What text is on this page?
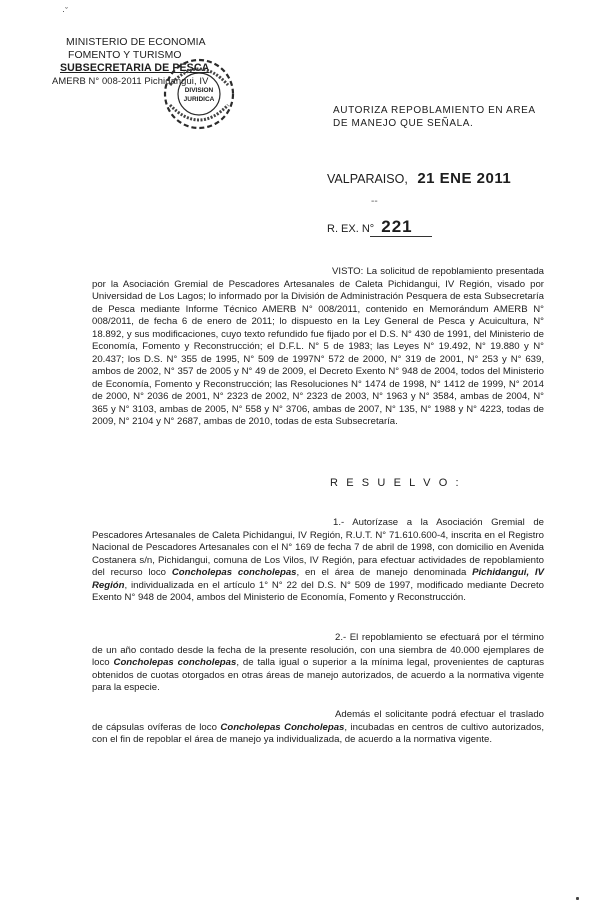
·ˇ
MINISTERIO DE ECONOMIA
FOMENTO Y TURISMO
SUBSECRETARIA DE PESCA
AMERB N° 008-2011 Pichidangui, IV
DIVISION
JURIDICA
AUTORIZA REPOBLAMIENTO EN AREA
DE MANEJO QUE SEÑALA.
VALPARAISO, 21 ENE 2011
--
R. EX. N° 221
VISTO: La solicitud de repoblamiento presentada por la Asociación Gremial de Pescadores Artesanales de Caleta Pichidangui, IV Región, visado por Universidad de Los Lagos; lo informado por la División de Administración Pesquera de esta Subsecretaría de Pesca mediante Informe Técnico AMERB N° 008/2011, contenido en Memorándum AMERB N° 008/2011, de fecha 6 de enero de 2011; lo dispuesto en la Ley General de Pesca y Acuicultura, N° 18.892, y sus modificaciones, cuyo texto refundido fue fijado por el D.S. N° 430 de 1991, del Ministerio de Economía, Fomento y Reconstrucción; el D.F.L. N° 5 de 1983; las Leyes N° 19.492, N° 19.880 y N° 20.437; los D.S. N° 355 de 1995, N° 509 de 1997N° 572 de 2000, N° 319 de 2001, N° 253 y N° 639, ambos de 2002, N° 357 de 2005 y N° 49 de 2009, el Decreto Exento N° 948 de 2004, todos del Ministerio de Economía, Fomento y Reconstrucción; las Resoluciones N° 1474 de 1998, N° 1412 de 1999, N° 2014 de 2000, N° 2036 de 2001, N° 2323 de 2002, N° 2323 de 2003, N° 1963 y N° 3584, ambas de 2004, N° 365 y N° 3103, ambas de 2005, N° 558 y N° 3706, ambas de 2007, N° 135, N° 1988 y N° 4223, todas de 2009, N° 2104 y N° 2687, ambas de 2010, todas de esta Subsecretaría.
R E S U E L V O :
1.- Autorízase a la Asociación Gremial de Pescadores Artesanales de Caleta Pichidangui, IV Región, R.U.T. N° 71.610.600-4, inscrita en el Registro Nacional de Pescadores Artesanales con el N° 169 de fecha 7 de abril de 1998, con domicilio en Avenida Costanera s/n, Pichidangui, comuna de Los Vilos, IV Región, para efectuar actividades de repoblamiento del recurso loco Concholepas concholepas, en el área de manejo denominada Pichidangui, IV Región, individualizada en el artículo 1° N° 22 del D.S. N° 509 de 1997, modificado mediante Decreto Exento N° 948 de 2004, ambos del Ministerio de Economía, Fomento y Reconstrucción.
2.- El repoblamiento se efectuará por el término de un año contado desde la fecha de la presente resolución, con una siembra de 40.000 ejemplares de loco Concholepas concholepas, de talla igual o superior a la mínima legal, provenientes de capturas obtenidos de cuotas otorgados en otras áreas de manejo autorizados, de acuerdo a la normativa vigente para la especie.
Además el solicitante podrá efectuar el traslado de cápsulas ovíferas de loco Concholepas Concholepas, incubadas en centros de cultivo autorizados, con el fin de repoblar el área de manejo ya individualizada, de acuerdo a la normativa vigente.
